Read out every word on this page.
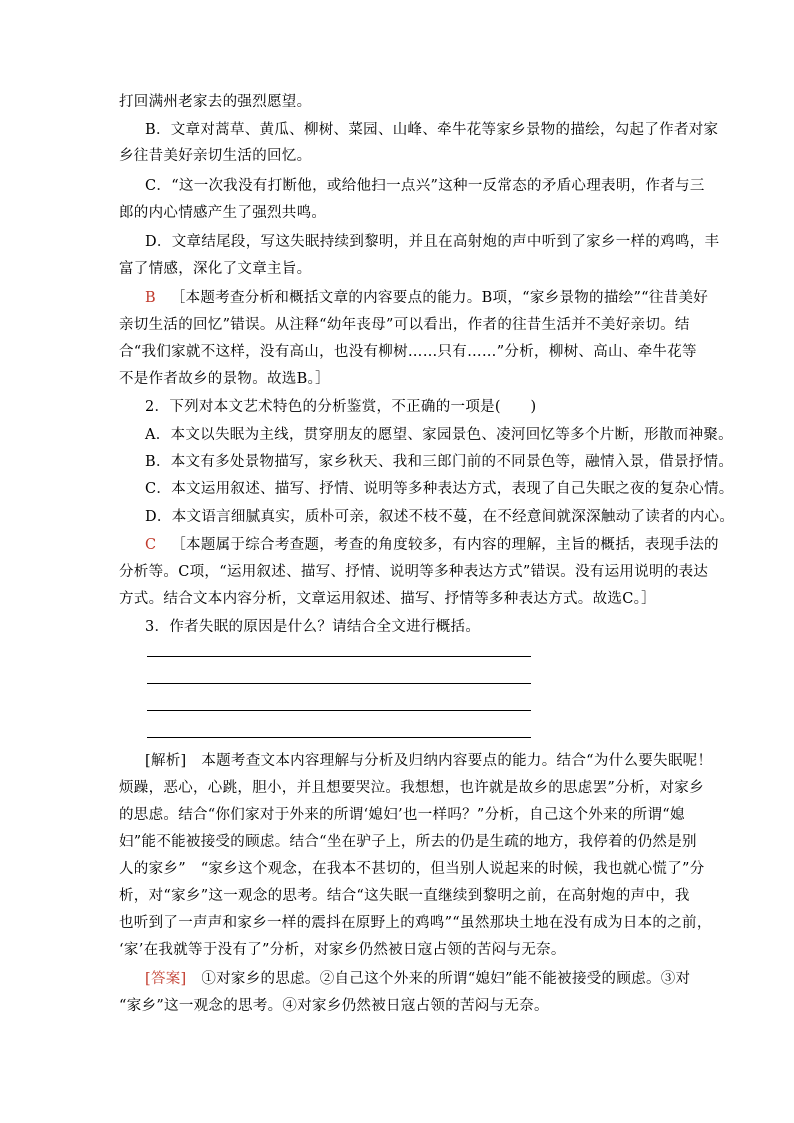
打回满州老家去的强烈愿望。
B．文章对蒿草、黄瓜、柳树、菜园、山峰、牵牛花等家乡景物的描绘，勾起了作者对家
乡往昔美好亲切生活的回忆。
C．“这一次我没有打断他，或给他扫一点兴”这种一反常态的矛盾心理表明，作者与三
郎的内心情感产生了强烈共鸣。
D．文章结尾段，写这失眠持续到黎明，并且在高射炮的声中听到了家乡一样的鸡鸣，丰
富了情感，深化了文章主旨。
B  ［本题考查分析和概括文章的内容要点的能力。B项，“家乡景物的描绘”“往昔美好
亲切生活的回忆”错误。从注释“幼年丧母”可以看出，作者的往昔生活并不美好亲切。结
合“我们家就不这样，没有高山，也没有柳树……只有……”分析，柳树、高山、牵牛花等
不是作者故乡的景物。故选B。］
2．下列对本文艺术特色的分析鉴赏，不正确的一项是(　　)
A．本文以失眠为主线，贯穿朋友的愿望、家园景色、凌河回忆等多个片断，形散而神聚。
B．本文有多处景物描写，家乡秋天、我和三郎门前的不同景色等，融情入景，借景抒情。
C．本文运用叙述、描写、抒情、说明等多种表达方式，表现了自己失眠之夜的复杂心情。
D．本文语言细腻真实，质朴可亲，叙述不枝不蔓，在不经意间就深深触动了读者的内心。
C  ［本题属于综合考查题，考查的角度较多，有内容的理解，主旨的概括，表现手法的
分析等。C项，“运用叙述、描写、抒情、说明等多种表达方式”错误。没有运用说明的表达
方式。结合文本内容分析，文章运用叙述、描写、抒情等多种表达方式。故选C。］
3．作者失眠的原因是什么？请结合全文进行概括。
[解析]  本题考查文本内容理解与分析及归纳内容要点的能力。结合“为什么要失眠呢！
烦躁，恶心，心跳，胆小，并且想要哭泣。我想想，也许就是故乡的思虑罢”分析，对家乡
的思虑。结合“你们家对于外来的所谓‘媳妇’也一样吗？”分析，自己这个外来的所谓“媳
妇”能不能被接受的顾虑。结合“坐在驴子上，所去的仍是生疏的地方，我停着的仍然是别
人的家乡”　“家乡这个观念，在我本不甚切的，但当别人说起来的时候，我也就心慌了”分
析，对“家乡”这一观念的思考。结合“这失眠一直继续到黎明之前，在高射炮的声中，我
也听到了一声声和家乡一样的震抖在原野上的鸡鸣”“虽然那块土地在没有成为日本的之前，
‘家’在我就等于没有了”分析，对家乡仍然被日寇占领的苦闷与无奈。
[答案]  ①对家乡的思虑。②自己这个外来的所谓“媳妇”能不能被接受的顾虑。③对
“家乡”这一观念的思考。④对家乡仍然被日寇占领的苦闷与无奈。
